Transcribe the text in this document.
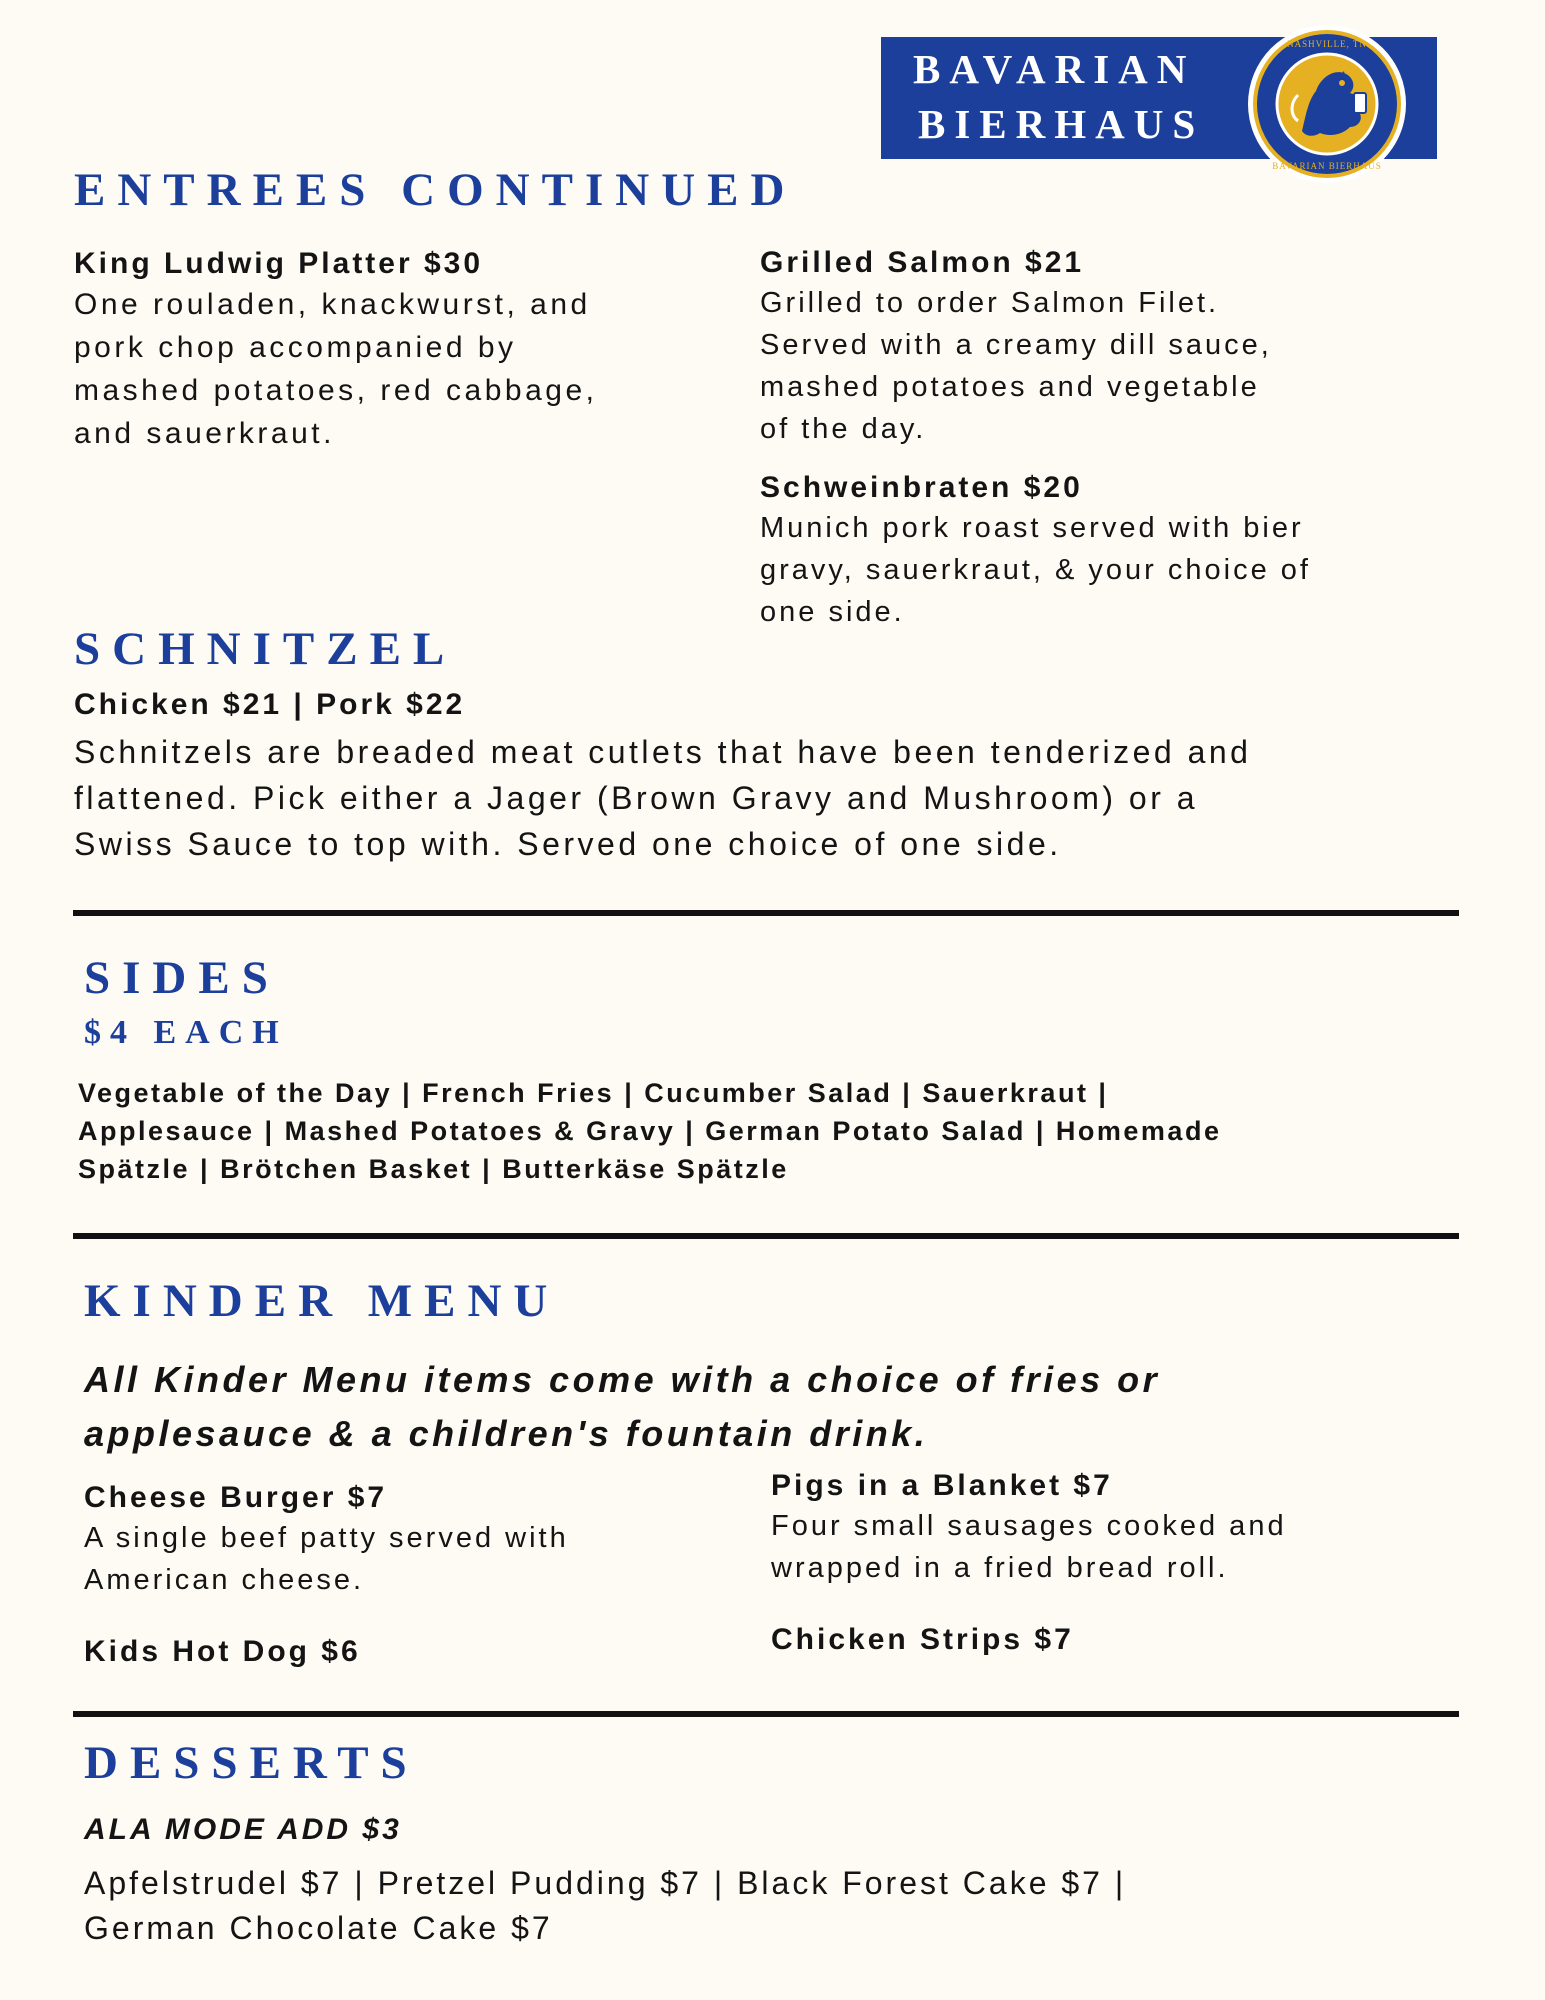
BAVARIAN
BIERHAUS
NASHVILLE, TN
BAVARIAN BIERHAUS
ENTREES CONTINUED
King Ludwig Platter $30
One rouladen, knackwurst, and
pork chop accompanied by
mashed potatoes, red cabbage,
and sauerkraut.
Grilled Salmon $21
Grilled to order Salmon Filet.
Served with a creamy dill sauce,
mashed potatoes and vegetable
of the day.
Schweinbraten $20
Munich pork roast served with bier
gravy, sauerkraut, & your choice of
one side.
SCHNITZEL
Chicken $21 | Pork $22
Schnitzels are breaded meat cutlets that have been tenderized and
flattened. Pick either a Jager (Brown Gravy and Mushroom) or a
Swiss Sauce to top with. Served one choice of one side.
SIDES
$4 EACH
Vegetable of the Day | French Fries | Cucumber Salad | Sauerkraut |
Applesauce | Mashed Potatoes & Gravy | German Potato Salad | Homemade
Spätzle | Brötchen Basket | Butterkäse Spätzle
KINDER MENU
All Kinder Menu items come with a choice of fries or
applesauce & a children's fountain drink.
Cheese Burger $7
A single beef patty served with
American cheese.
Kids Hot Dog $6
Pigs in a Blanket $7
Four small sausages cooked and
wrapped in a fried bread roll.
Chicken Strips $7
DESSERTS
ALA MODE ADD $3
Apfelstrudel $7 | Pretzel Pudding $7 | Black Forest Cake $7 |
German Chocolate Cake $7
